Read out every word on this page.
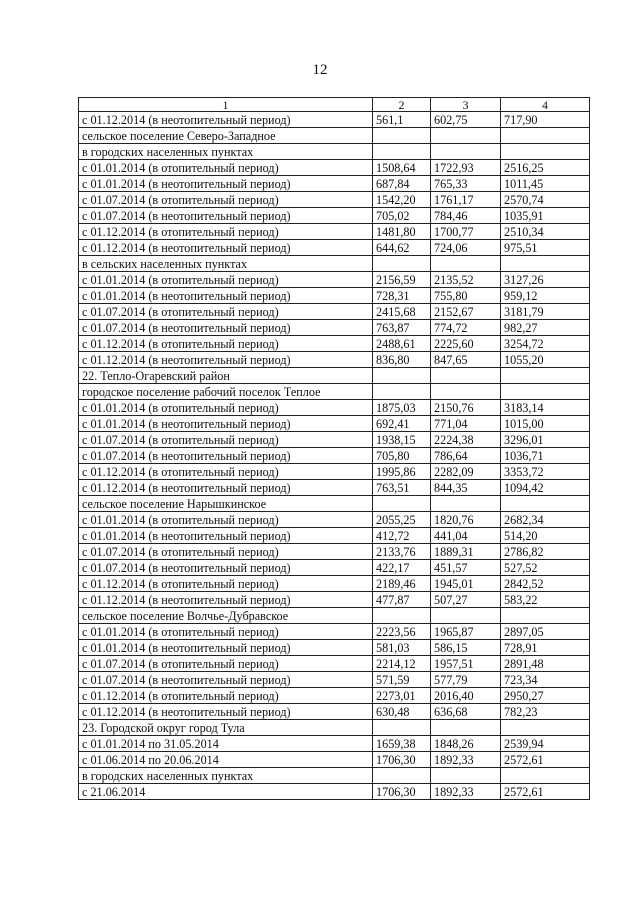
12
1	2	3	4
с 01.12.2014 (в неотопительный период)	561,1	602,75	717,90
сельское поселение Северо-Западное			
в городских населенных пунктах			
с 01.01.2014 (в отопительный период)	1508,64	1722,93	2516,25
с 01.01.2014 (в неотопительный период)	687,84	765,33	1011,45
с 01.07.2014 (в отопительный период)	1542,20	1761,17	2570,74
с 01.07.2014 (в неотопительный период)	705,02	784,46	1035,91
с 01.12.2014 (в отопительный период)	1481,80	1700,77	2510,34
с 01.12.2014 (в неотопительный период)	644,62	724,06	975,51
в сельских населенных пунктах			
с 01.01.2014 (в отопительный период)	2156,59	2135,52	3127,26
с 01.01.2014 (в неотопительный период)	728,31	755,80	959,12
с 01.07.2014 (в отопительный период)	2415,68	2152,67	3181,79
с 01.07.2014 (в неотопительный период)	763,87	774,72	982,27
с 01.12.2014 (в отопительный период)	2488,61	2225,60	3254,72
с 01.12.2014 (в неотопительный период)	836,80	847,65	1055,20
22. Тепло-Огаревский район			
городское поселение рабочий поселок Теплое			
с 01.01.2014 (в отопительный период)	1875,03	2150,76	3183,14
с 01.01.2014 (в неотопительный период)	692,41	771,04	1015,00
с 01.07.2014 (в отопительный период)	1938,15	2224,38	3296,01
с 01.07.2014 (в неотопительный период)	705,80	786,64	1036,71
с 01.12.2014 (в отопительный период)	1995,86	2282,09	3353,72
с 01.12.2014 (в неотопительный период)	763,51	844,35	1094,42
сельское поселение Нарышкинское			
с 01.01.2014 (в отопительный период)	2055,25	1820,76	2682,34
с 01.01.2014 (в неотопительный период)	412,72	441,04	514,20
с 01.07.2014 (в отопительный период)	2133,76	1889,31	2786,82
с 01.07.2014 (в неотопительный период)	422,17	451,57	527,52
с 01.12.2014 (в отопительный период)	2189,46	1945,01	2842,52
с 01.12.2014 (в неотопительный период)	477,87	507,27	583,22
сельское поселение Волчье-Дубравское			
с 01.01.2014 (в отопительный период)	2223,56	1965,87	2897,05
с 01.01.2014 (в неотопительный период)	581,03	586,15	728,91
с 01.07.2014 (в отопительный период)	2214,12	1957,51	2891,48
с 01.07.2014 (в неотопительный период)	571,59	577,79	723,34
с 01.12.2014 (в отопительный период)	2273,01	2016,40	2950,27
с 01.12.2014 (в неотопительный период)	630,48	636,68	782,23
23. Городской округ город Тула			
с 01.01.2014 по 31.05.2014	1659,38	1848,26	2539,94
с 01.06.2014 по 20.06.2014	1706,30	1892,33	2572,61
в городских населенных пунктах			
с 21.06.2014	1706,30	1892,33	2572,61
